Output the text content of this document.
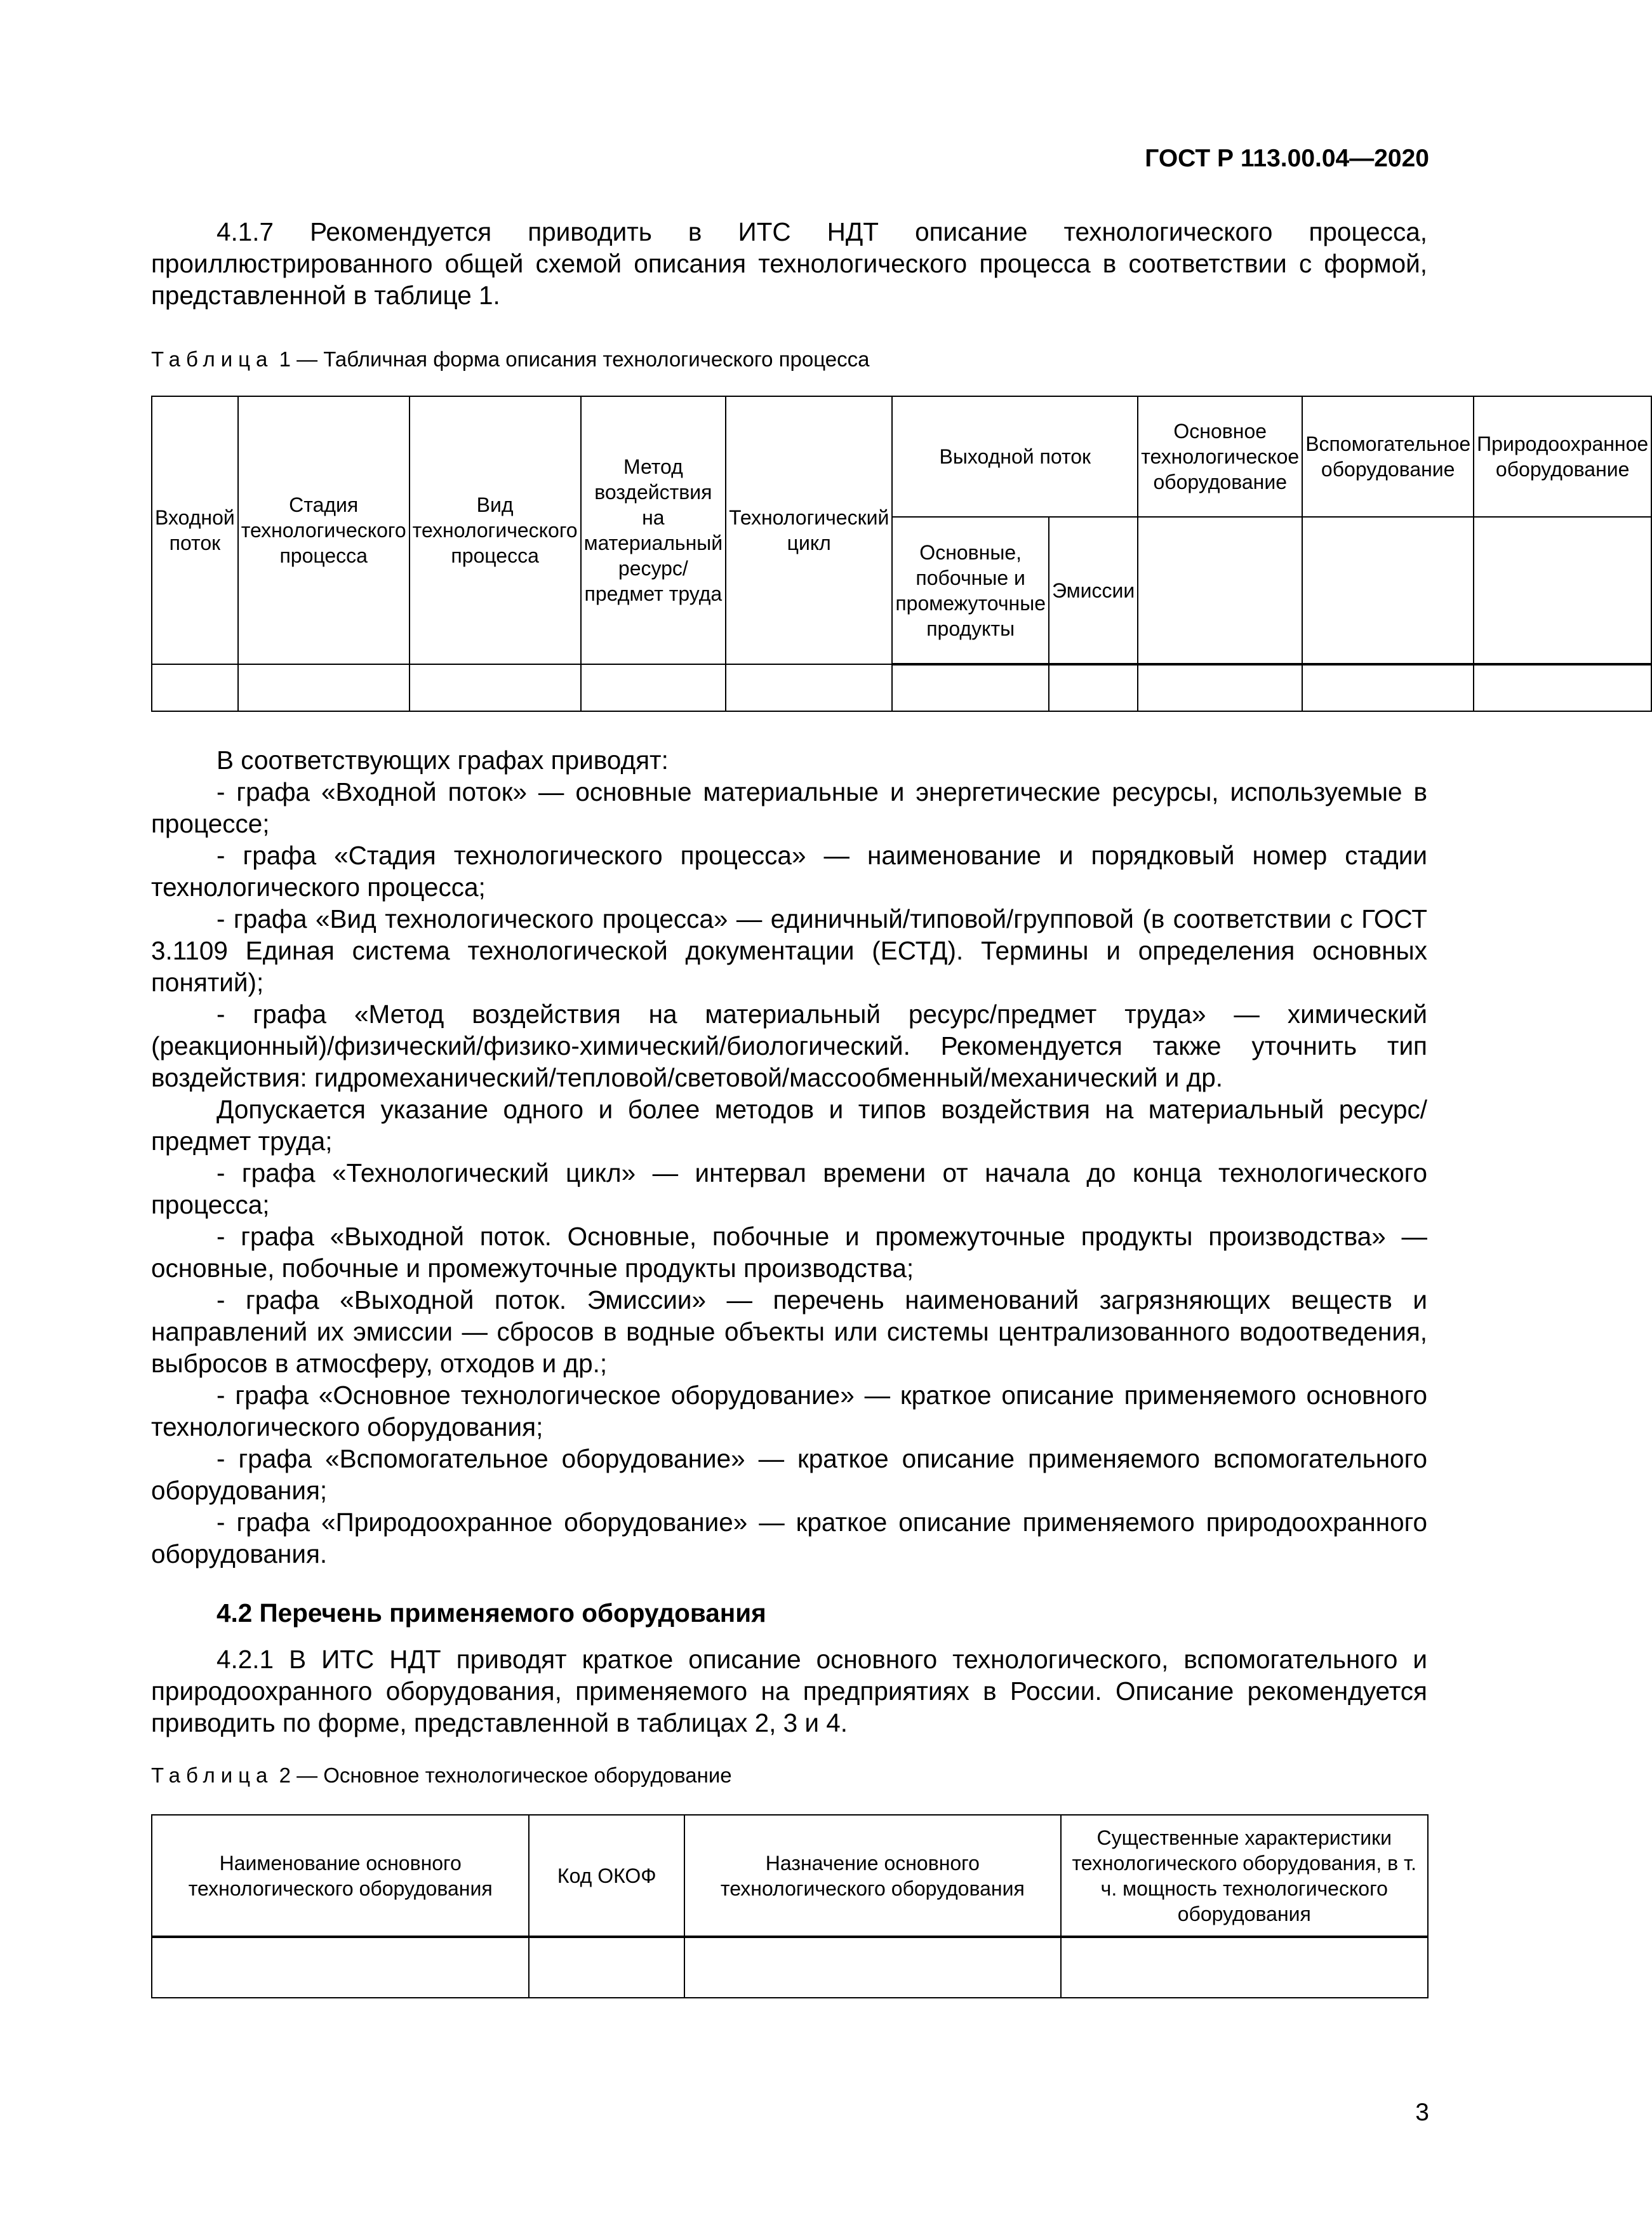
ГОСТ Р 113.00.04—2020

4.1.7 Рекомендуется приводить в ИТС НДТ описание технологического процесса, проиллюстрированного общей схемой описания технологического процесса в соответствии с формой, представленной в таблице 1.

Таблица 1 — Табличная форма описания технологического процесса
Входной поток	Стадия технологического процесса	Вид технологического процесса	Метод воздействия на материальный ресурс/ предмет труда	Технологический цикл	Выходной поток		Основное технологическое оборудование	Вспомогательное оборудование	Природоохранное оборудование
					Основные, побочные и промежуточные продукты	Эмиссии			

В соответствующих графах приводят:

- графа «Входной поток» — основные материальные и энергетические ресурсы, используемые в процессе;

- графа «Стадия технологического процесса» — наименование и порядковый номер стадии технологического процесса;

- графа «Вид технологического процесса» — единичный/типовой/групповой (в соответствии с ГОСТ 3.1109 Единая система технологической документации (ЕСТД). Термины и определения основных понятий);

- графа «Метод воздействия на материальный ресурс/предмет труда» — химический (реакционный)/физический/физико-химический/биологический. Рекомендуется также уточнить тип воздействия: гидромеханический/тепловой/световой/массообменный/механический и др.

Допускается указание одного и более методов и типов воздействия на материальный ресурс/ предмет труда;

- графа «Технологический цикл» — интервал времени от начала до конца технологического процесса;

- графа «Выходной поток. Основные, побочные и промежуточные продукты производства» — основные, побочные и промежуточные продукты производства;

- графа «Выходной поток. Эмиссии» — перечень наименований загрязняющих веществ и направлений их эмиссии — сбросов в водные объекты или системы централизованного водоотведения, выбросов в атмосферу, отходов и др.;

- графа «Основное технологическое оборудование» — краткое описание применяемого основного технологического оборудования;

- графа «Вспомогательное оборудование» — краткое описание применяемого вспомогательного оборудования;

- графа «Природоохранное оборудование» — краткое описание применяемого природоохранного оборудования.

4.2 Перечень применяемого оборудования

4.2.1 В ИТС НДТ приводят краткое описание основного технологического, вспомогательного и природоохранного оборудования, применяемого на предприятиях в России. Описание рекомендуется приводить по форме, представленной в таблицах 2, 3 и 4.

Таблица 2 — Основное технологическое оборудование
Наименование основного технологического оборудования	Код ОКОФ	Назначение основного технологического оборудования	Существенные характеристики технологического оборудования, в т. ч. мощность технологического оборудования

3
